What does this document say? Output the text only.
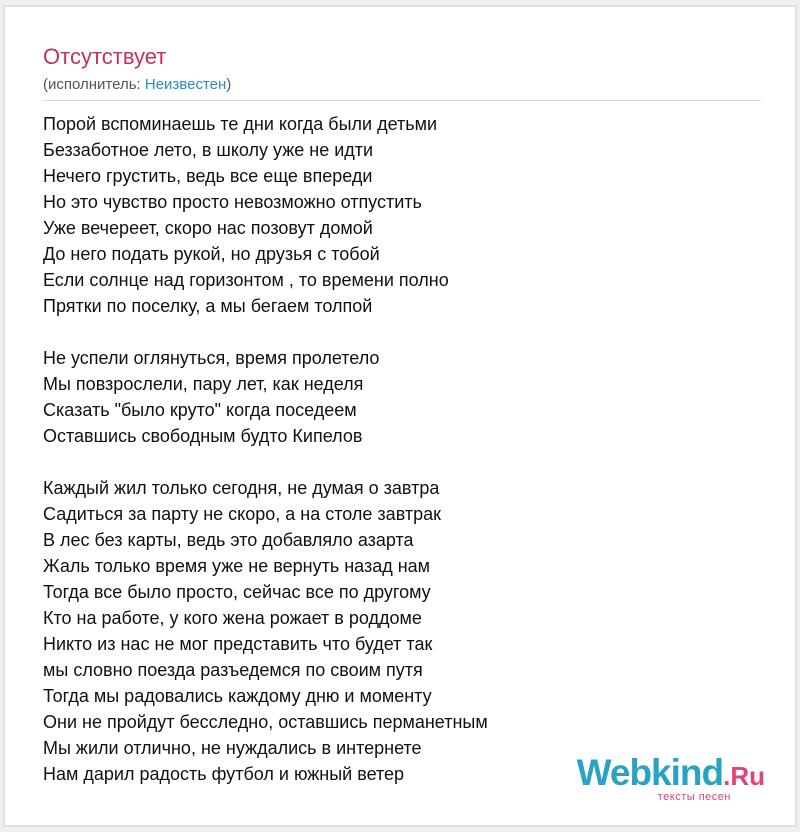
Отсутствует
(исполнитель: Неизвестен)
Порой вспоминаешь те дни когда были детьми
Беззаботное лето, в школу уже не идти
Нечего грустить, ведь все еще впереди
Но это чувство просто невозможно отпустить
Уже вечереет, скоро нас позовут домой
До него подать рукой, но друзья с тобой
Если солнце над горизонтом , то времени полно
Прятки по поселку, а мы бегаем толпой
Не успели оглянуться, время пролетело
Мы повзрослели, пару лет, как неделя
Сказать "было круто" когда поседеем
Оставшись свободным будто Кипелов
Каждый жил только сегодня, не думая о завтра
Садиться за парту не скоро, а на столе завтрак
В лес без карты, ведь это добавляло азарта
Жаль только время уже не вернуть назад нам
Тогда все было просто, сейчас все по другому
Кто на работе, у кого жена рожает в роддоме
Никто из нас не мог представить что будет так
мы словно поезда разъедемся по своим путя
Тогда мы радовались каждому дню и моменту
Они не пройдут бесследно, оставшись перманетным
Мы жили отлично, не нуждались в интернете
Нам дарил радость футбол и южный ветер	Webkind.Ru
тексты песен
